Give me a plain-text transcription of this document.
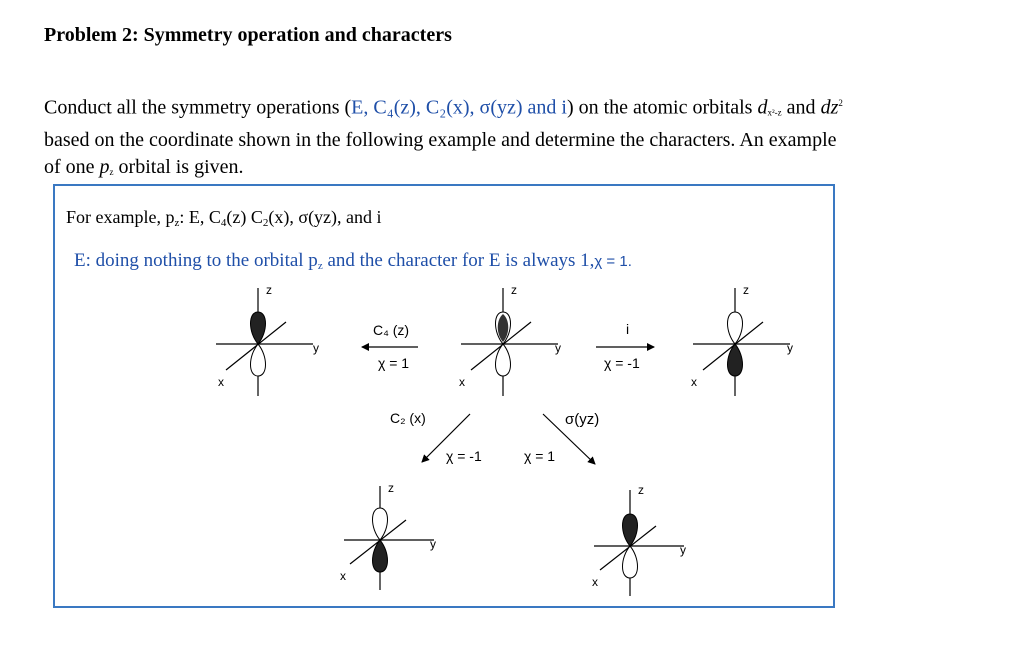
Problem 2: Symmetry operation and characters
Conduct all the symmetry operations (E, C₄(z), C₂(x), σ(yz) and i) on the atomic orbitals $d_{x^2-z}$ and $dz^2$
based on the coordinate shown in the following example and determine the characters. An example
of one $p_z$ orbital is given.
For example, $p_z$: E, $C_4(z)$ $C_2(x)$, σ(yz), and i
E: doing nothing to the orbital $p_z$ and the character for E is always 1,χ = 1.
z
y
x
C₄ (z)
χ = 1
z
y
x
i
χ = -1
z
y
x
C₂ (x)
χ = -1
σ(yz)
χ = 1
z
y
x
z
y
x
